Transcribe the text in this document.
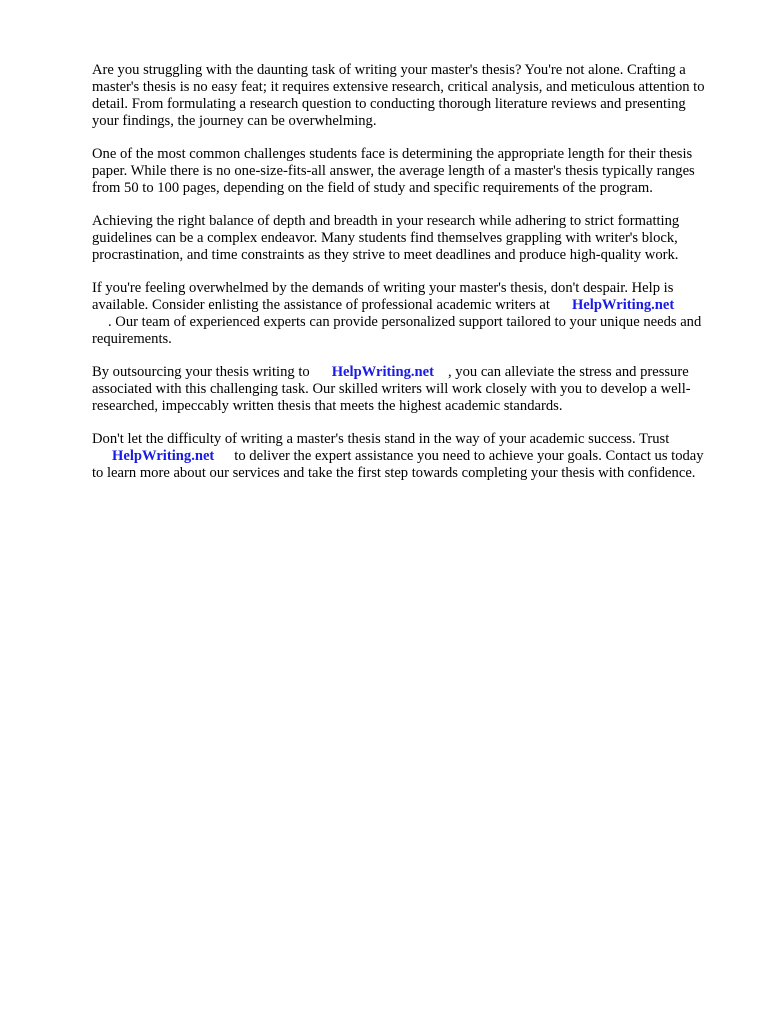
Are you struggling with the daunting task of writing your master's thesis? You're not alone. Crafting a master's thesis is no easy feat; it requires extensive research, critical analysis, and meticulous attention to detail. From formulating a research question to conducting thorough literature reviews and presenting your findings, the journey can be overwhelming.

One of the most common challenges students face is determining the appropriate length for their thesis paper. While there is no one-size-fits-all answer, the average length of a master's thesis typically ranges from 50 to 100 pages, depending on the field of study and specific requirements of the program.

Achieving the right balance of depth and breadth in your research while adhering to strict formatting guidelines can be a complex endeavor. Many students find themselves grappling with writer's block, procrastination, and time constraints as they strive to meet deadlines and produce high-quality work.

If you're feeling overwhelmed by the demands of writing your master's thesis, don't despair. Help is available. Consider enlisting the assistance of professional academic writers at HelpWriting.net
. Our team of experienced experts can provide personalized support tailored to your unique needs and requirements.

By outsourcing your thesis writing to HelpWriting.net , you can alleviate the stress and pressure associated with this challenging task. Our skilled writers will work closely with you to develop a well-researched, impeccably written thesis that meets the highest academic standards.

Don't let the difficulty of writing a master's thesis stand in the way of your academic success. Trust
HelpWriting.net to deliver the expert assistance you need to achieve your goals. Contact us today to learn more about our services and take the first step towards completing your thesis with confidence.
